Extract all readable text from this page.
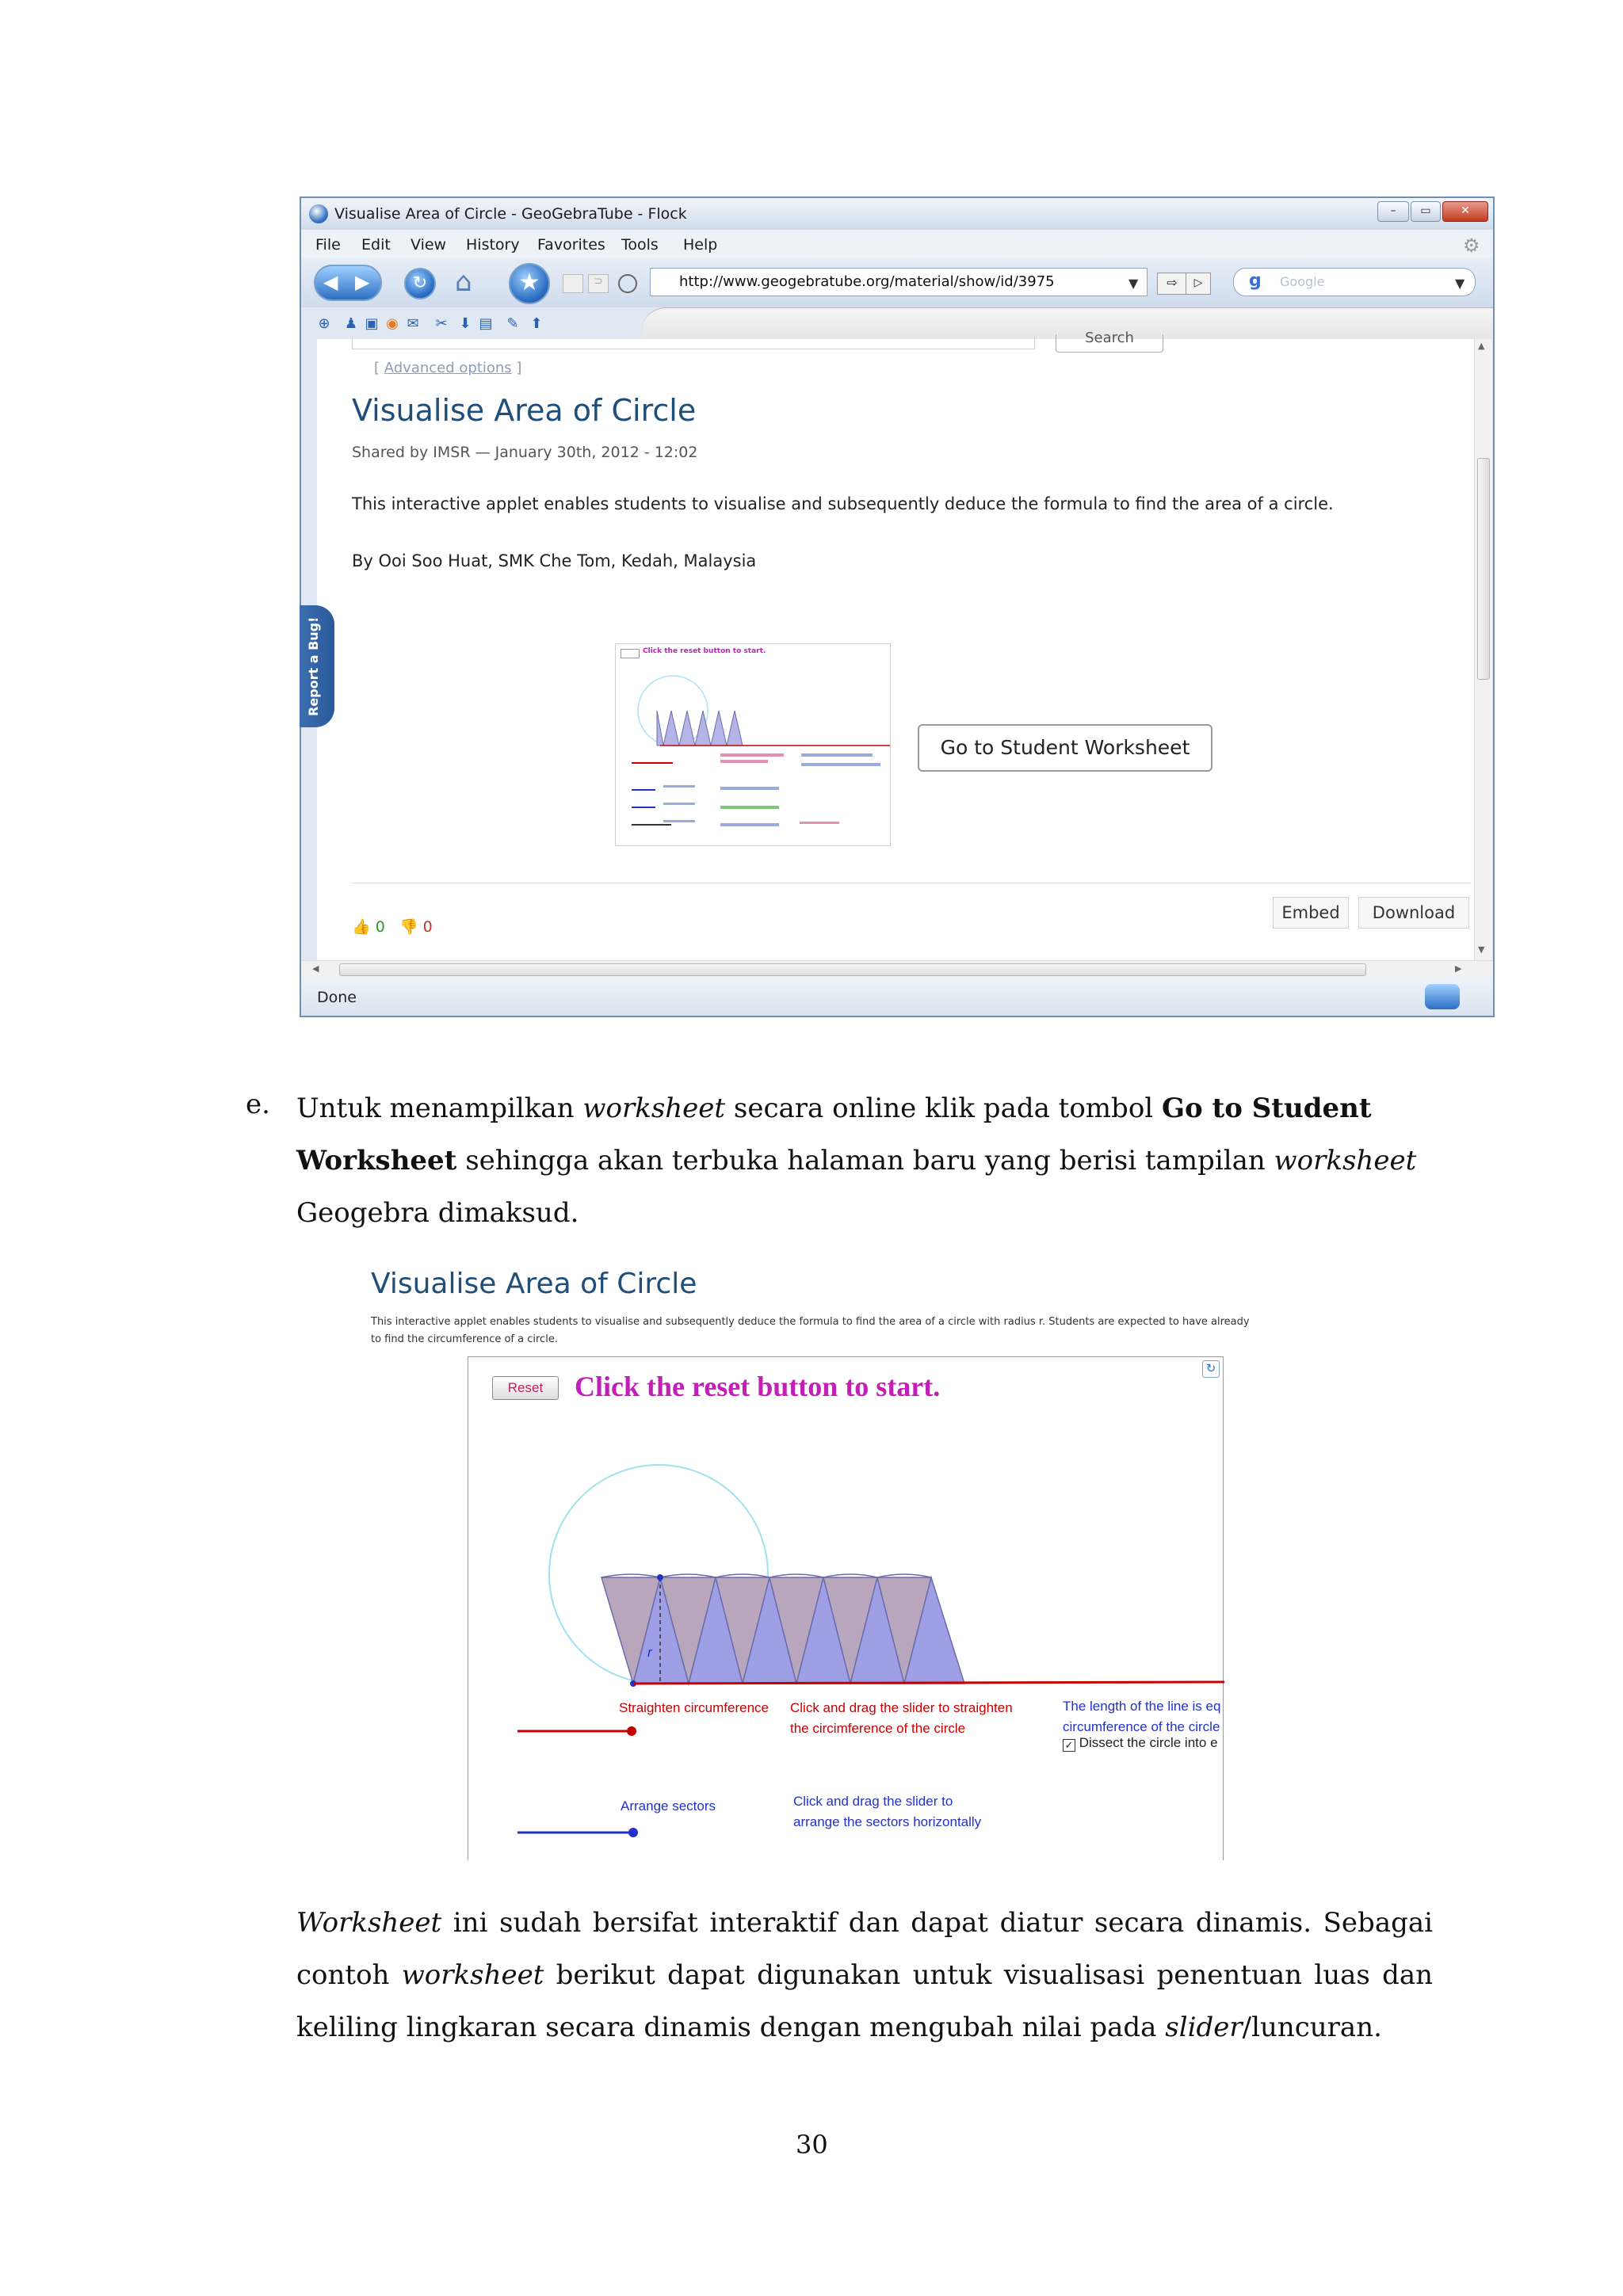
Visualise Area of Circle - GeoGebraTube - Flock	–	▭	✕
File Edit View History Favorites Tools Help	⚙
◀ ▶	↻	⌂	★	⊃	http://www.geogebratube.org/material/show/id/3975	▼	⇨	▷	Google
g	▼
⊕ ♟ ▣ ◉ ✉ ✂ ⬇ ▤ ✎ ⬆
Search
[ Advanced options ]
Visualise Area of Circle
Shared by IMSR — January 30th, 2012 - 12:02
This interactive applet enables students to visualise and subsequently deduce the formula to find the area of a circle.
By Ooi Soo Huat, SMK Che Tom, Kedah, Malaysia
Click the reset button to start.
Go to Student Worksheet
👍 0 👎 0
Embed	Download
Report a Bug!
▲
▼
◀	▶
Done
e. Untuk menampilkan worksheet secara online klik pada tombol Go to Student
Worksheet sehingga akan terbuka halaman baru yang berisi tampilan worksheet
Geogebra dimaksud.
Visualise Area of Circle
This interactive applet enables students to visualise and subsequently deduce the formula to find the area of a circle with radius r. Students are expected to have already
to find the circumference of a circle.
Reset	Click the reset button to start.
↻
r
Straighten circumference Click and drag the slider to straighten
the circimference of the circle
The length of the line is eq
circumference of the circle
✓ Dissect the circle into e
Arrange sectors	Click and drag the slider to
arrange the sectors horizontally
Worksheet ini sudah bersifat interaktif dan dapat diatur secara dinamis. Sebagai contoh worksheet berikut dapat digunakan untuk visualisasi penentuan luas dan keliling lingkaran secara dinamis dengan mengubah nilai pada slider/luncuran.
30
